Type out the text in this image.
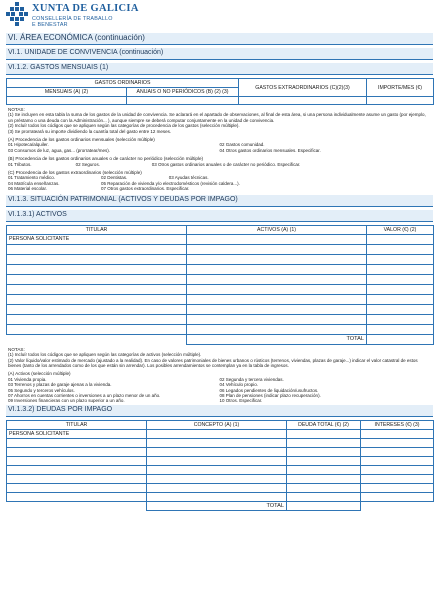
XUNTA DE GALICIA
CONSELLERÍA DE TRABALLO
E BENESTAR
VI. ÁREA ECONÓMICA (continuación)
VI.1. UNIDADE DE CONVIVENCIA (continuación)
VI.1.2. GASTOS MENSUAIS (1)
GASTOS ORDINARIOS		GASTOS EXTRAORDINARIOS (C)(2)(3)	IMPORTE/MES (€)
MENSUAIS (A) (2)	ANUAIS O NO PERIÓDICOS (B) (2) (3)		

NOTAS:
(1) Se incluyen en esta tabla la suma de los gastos de la unidad de convivencia. Se aclarará en el apartado de observaciones, al final de esta área, si una persona individualmente asume un gasto (por ejemplo, un préstamo o una deuda con la Administración... ), aunque siempre se deberá computar conjuntamente en la unidad de convivencia.
(2) Incluír todos los códigos que se apliquen según las categorías de procedencia de los gastos (selección múltiple).
(3) Se prorrateará su importe dividiendo la cuantía total del gasto entre 12 meses.
(A) Procedencia de los gastos ordinarios mensuales (selección múltiple)
01 Hipoteca/alquiler.	02 Gastos comunidad.
03 Consumos de luz, agua, gas... (prorratear/mes).	04 Otros gastos ordinarios mensuales. Especificar.
(B) Procedencia de los gastos ordinarios anuales o de carácter no periódico (selección múltiple)
01 Tributos.	02 Seguros.	03 Otros gastos ordinarios anuales o de carácter no periódico. Especificar.
(C) Procedencia de los gastos extraordinarios (selección múltiple)
01 Tratamiento médico.	02 Dentistas.	03 Ayudas técnicas.
04 Matrícula enseñanzas.	05 Reparación de vivienda y/o electrodomésticos (revisión caldera...).
06 Material escolar.	07 Otros gastos extraordinarios. Especificar.
VI.1.3. SITUACIÓN PATRIMONIAL (ACTIVOS Y DEUDAS POR IMPAGO)
VI.1.3.1) ACTIVOS
TITULAR	ACTIVOS (A) (1)	VALOR (€) (2)
PERSONA SOLICITANTE		

	TOTAL	
NOTAS:
(1) Incluír todos los códigos que se apliquen según las categorías de activos (selección múltiple).
(2) Valor líquido/valor estimado de mercado (ajustado a la realidad). En caso de valores patrimoniales de bienes urbanos o rústicos (terrenos, viviendas, plazas de garaje...) indicar el valor catastral de estos bienes (tanto de los arrendados como de los que están sin arrendar). Los posibles arrendamientos se contemplan ya en la tabla de ingresos.
(A) Activos (selección múltiple)
01 Vivienda propia.	02 Segunda y tercera viviendas.
03 Terrenos y plazas de garaje ajenas a la vivienda.	04 Vehículo propio.
05 Segundo y terceros vehículos.	06 Legados pendientes de liquidación/usufructos.
07 Ahorros en cuentas corrientes o inversiones a un plazo menor de un año.	08 Plan de pensiones (indicar plazo recuperación).
09 Inversiones financieras con un plazo superior a un año.	10 Otros. Especificar.
VI.1.3.2) DEUDAS POR IMPAGO
TITULAR	CONCEPTO (A) (1)	DEUDA TOTAL (€) (2)	INTERESES (€) (3)
PERSONA SOLICITANTE			

	TOTAL		
